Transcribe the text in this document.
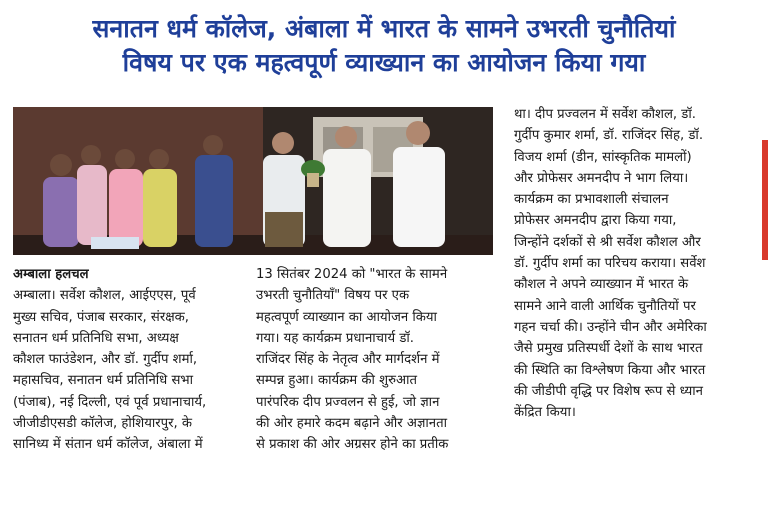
सनातन धर्म कॉलेज, अंबाला में भारत के सामने उभरती चुनौतियां
विषय पर एक महत्वपूर्ण व्याख्यान का आयोजन किया गया
अम्बाला हलचल
अम्बाला। सर्वेश कौशल, आईएएस, पूर्व
मुख्य सचिव, पंजाब सरकार, संरक्षक,
सनातन धर्म प्रतिनिधि सभा, अध्यक्ष
कौशल फाउंडेशन, और डॉ. गुर्दीप शर्मा,
महासचिव, सनातन धर्म प्रतिनिधि सभा
(पंजाब), नई दिल्ली, एवं पूर्व प्रधानाचार्य,
जीजीडीएसडी कॉलेज, होशियारपुर, के
सानिध्य में संतान धर्म कॉलेज, अंबाला में
13 सितंबर 2024 को "भारत के सामने
उभरती चुनौतियाँ" विषय पर एक
महत्वपूर्ण व्याख्यान का आयोजन किया
गया। यह कार्यक्रम प्रधानाचार्य डॉ.
राजिंदर सिंह के नेतृत्व और मार्गदर्शन में
सम्पन्न हुआ। कार्यक्रम की शुरुआत
पारंपरिक दीप प्रज्वलन से हुई, जो ज्ञान
की ओर हमारे कदम बढ़ाने और अज्ञानता
से प्रकाश की ओर अग्रसर होने का प्रतीक
था। दीप प्रज्वलन में सर्वेश कौशल, डॉ.
गुर्दीप कुमार शर्मा, डॉ. राजिंदर सिंह, डॉ.
विजय शर्मा (डीन, सांस्कृतिक मामलों)
और प्रोफेसर अमनदीप ने भाग लिया।
कार्यक्रम का प्रभावशाली संचालन
प्रोफेसर अमनदीप द्वारा किया गया,
जिन्होंने दर्शकों से श्री सर्वेश कौशल और
डॉ. गुर्दीप शर्मा का परिचय कराया। सर्वेश
कौशल ने अपने व्याख्यान में भारत के
सामने आने वाली आर्थिक चुनौतियों पर
गहन चर्चा की। उन्होंने चीन और अमेरिका
जैसे प्रमुख प्रतिस्पर्धी देशों के साथ भारत
की स्थिति का विश्लेषण किया और भारत
की जीडीपी वृद्धि पर विशेष रूप से ध्यान
केंद्रित किया।
